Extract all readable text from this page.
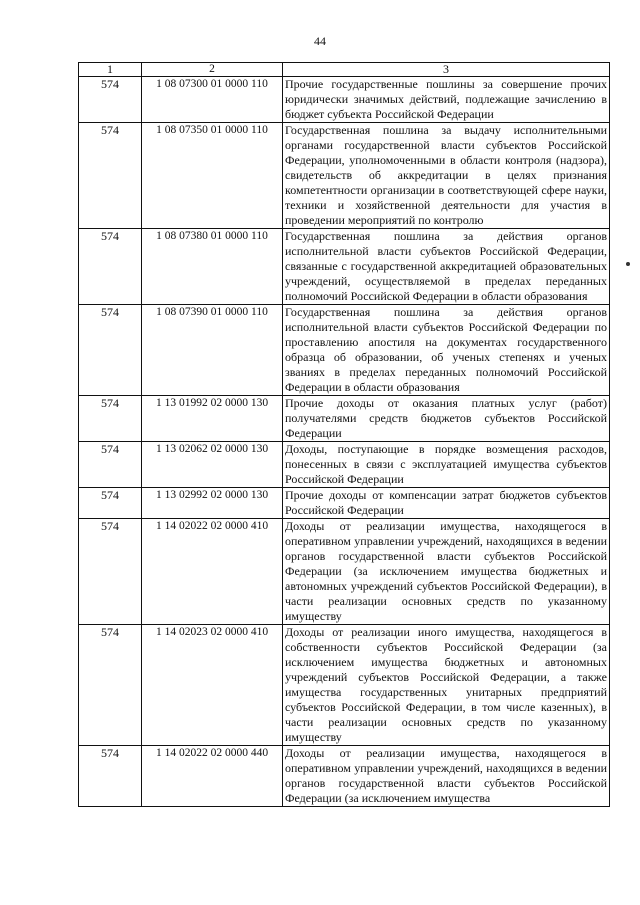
44
1	2	3
574	1 08 07300 01 0000 110	Прочие государственные пошлины за совершение прочих юридически значимых действий, подлежащие зачислению в бюджет субъекта Российской Федерации
574	1 08 07350 01 0000 110	Государственная пошлина за выдачу исполнительными органами государственной власти субъектов Российской Федерации, уполномоченными в области контроля (надзора), свидетельств об аккредитации в целях признания компетентности организации в соответствующей сфере науки, техники и хозяйственной деятельности для участия в проведении мероприятий по контролю
574	1 08 07380 01 0000 110	Государственная пошлина за действия органов исполнительной власти субъектов Российской Федерации, связанные с государственной аккредитацией образовательных учреждений, осуществляемой в пределах переданных полномочий Российской Федерации в области образования
574	1 08 07390 01 0000 110	Государственная пошлина за действия органов исполнительной власти субъектов Российской Федерации по проставлению апостиля на документах государственного образца об образовании, об ученых степенях и ученых званиях в пределах переданных полномочий Российской Федерации в области образования
574	1 13 01992 02 0000 130	Прочие доходы от оказания платных услуг (работ) получателями средств бюджетов субъектов Российской Федерации
574	1 13 02062 02 0000 130	Доходы, поступающие в порядке возмещения расходов, понесенных в связи с эксплуатацией имущества субъектов Российской Федерации
574	1 13 02992 02 0000 130	Прочие доходы от компенсации затрат бюджетов субъектов Российской Федерации
574	1 14 02022 02 0000 410	Доходы от реализации имущества, находящегося в оперативном управлении учреждений, находящихся в ведении органов государственной власти субъектов Российской Федерации (за исключением имущества бюджетных и автономных учреждений субъектов Российской Федерации), в части реализации основных средств по указанному имуществу
574	1 14 02023 02 0000 410	Доходы от реализации иного имущества, находящегося в собственности субъектов Российской Федерации (за исключением имущества бюджетных и автономных учреждений субъектов Российской Федерации, а также имущества государственных унитарных предприятий субъектов Российской Федерации, в том числе казенных), в части реализации основных средств по указанному имуществу
574	1 14 02022 02 0000 440	Доходы от реализации имущества, находящегося в оперативном управлении учреждений, находящихся в ведении органов государственной власти субъектов Российской Федерации (за исключением имущества
